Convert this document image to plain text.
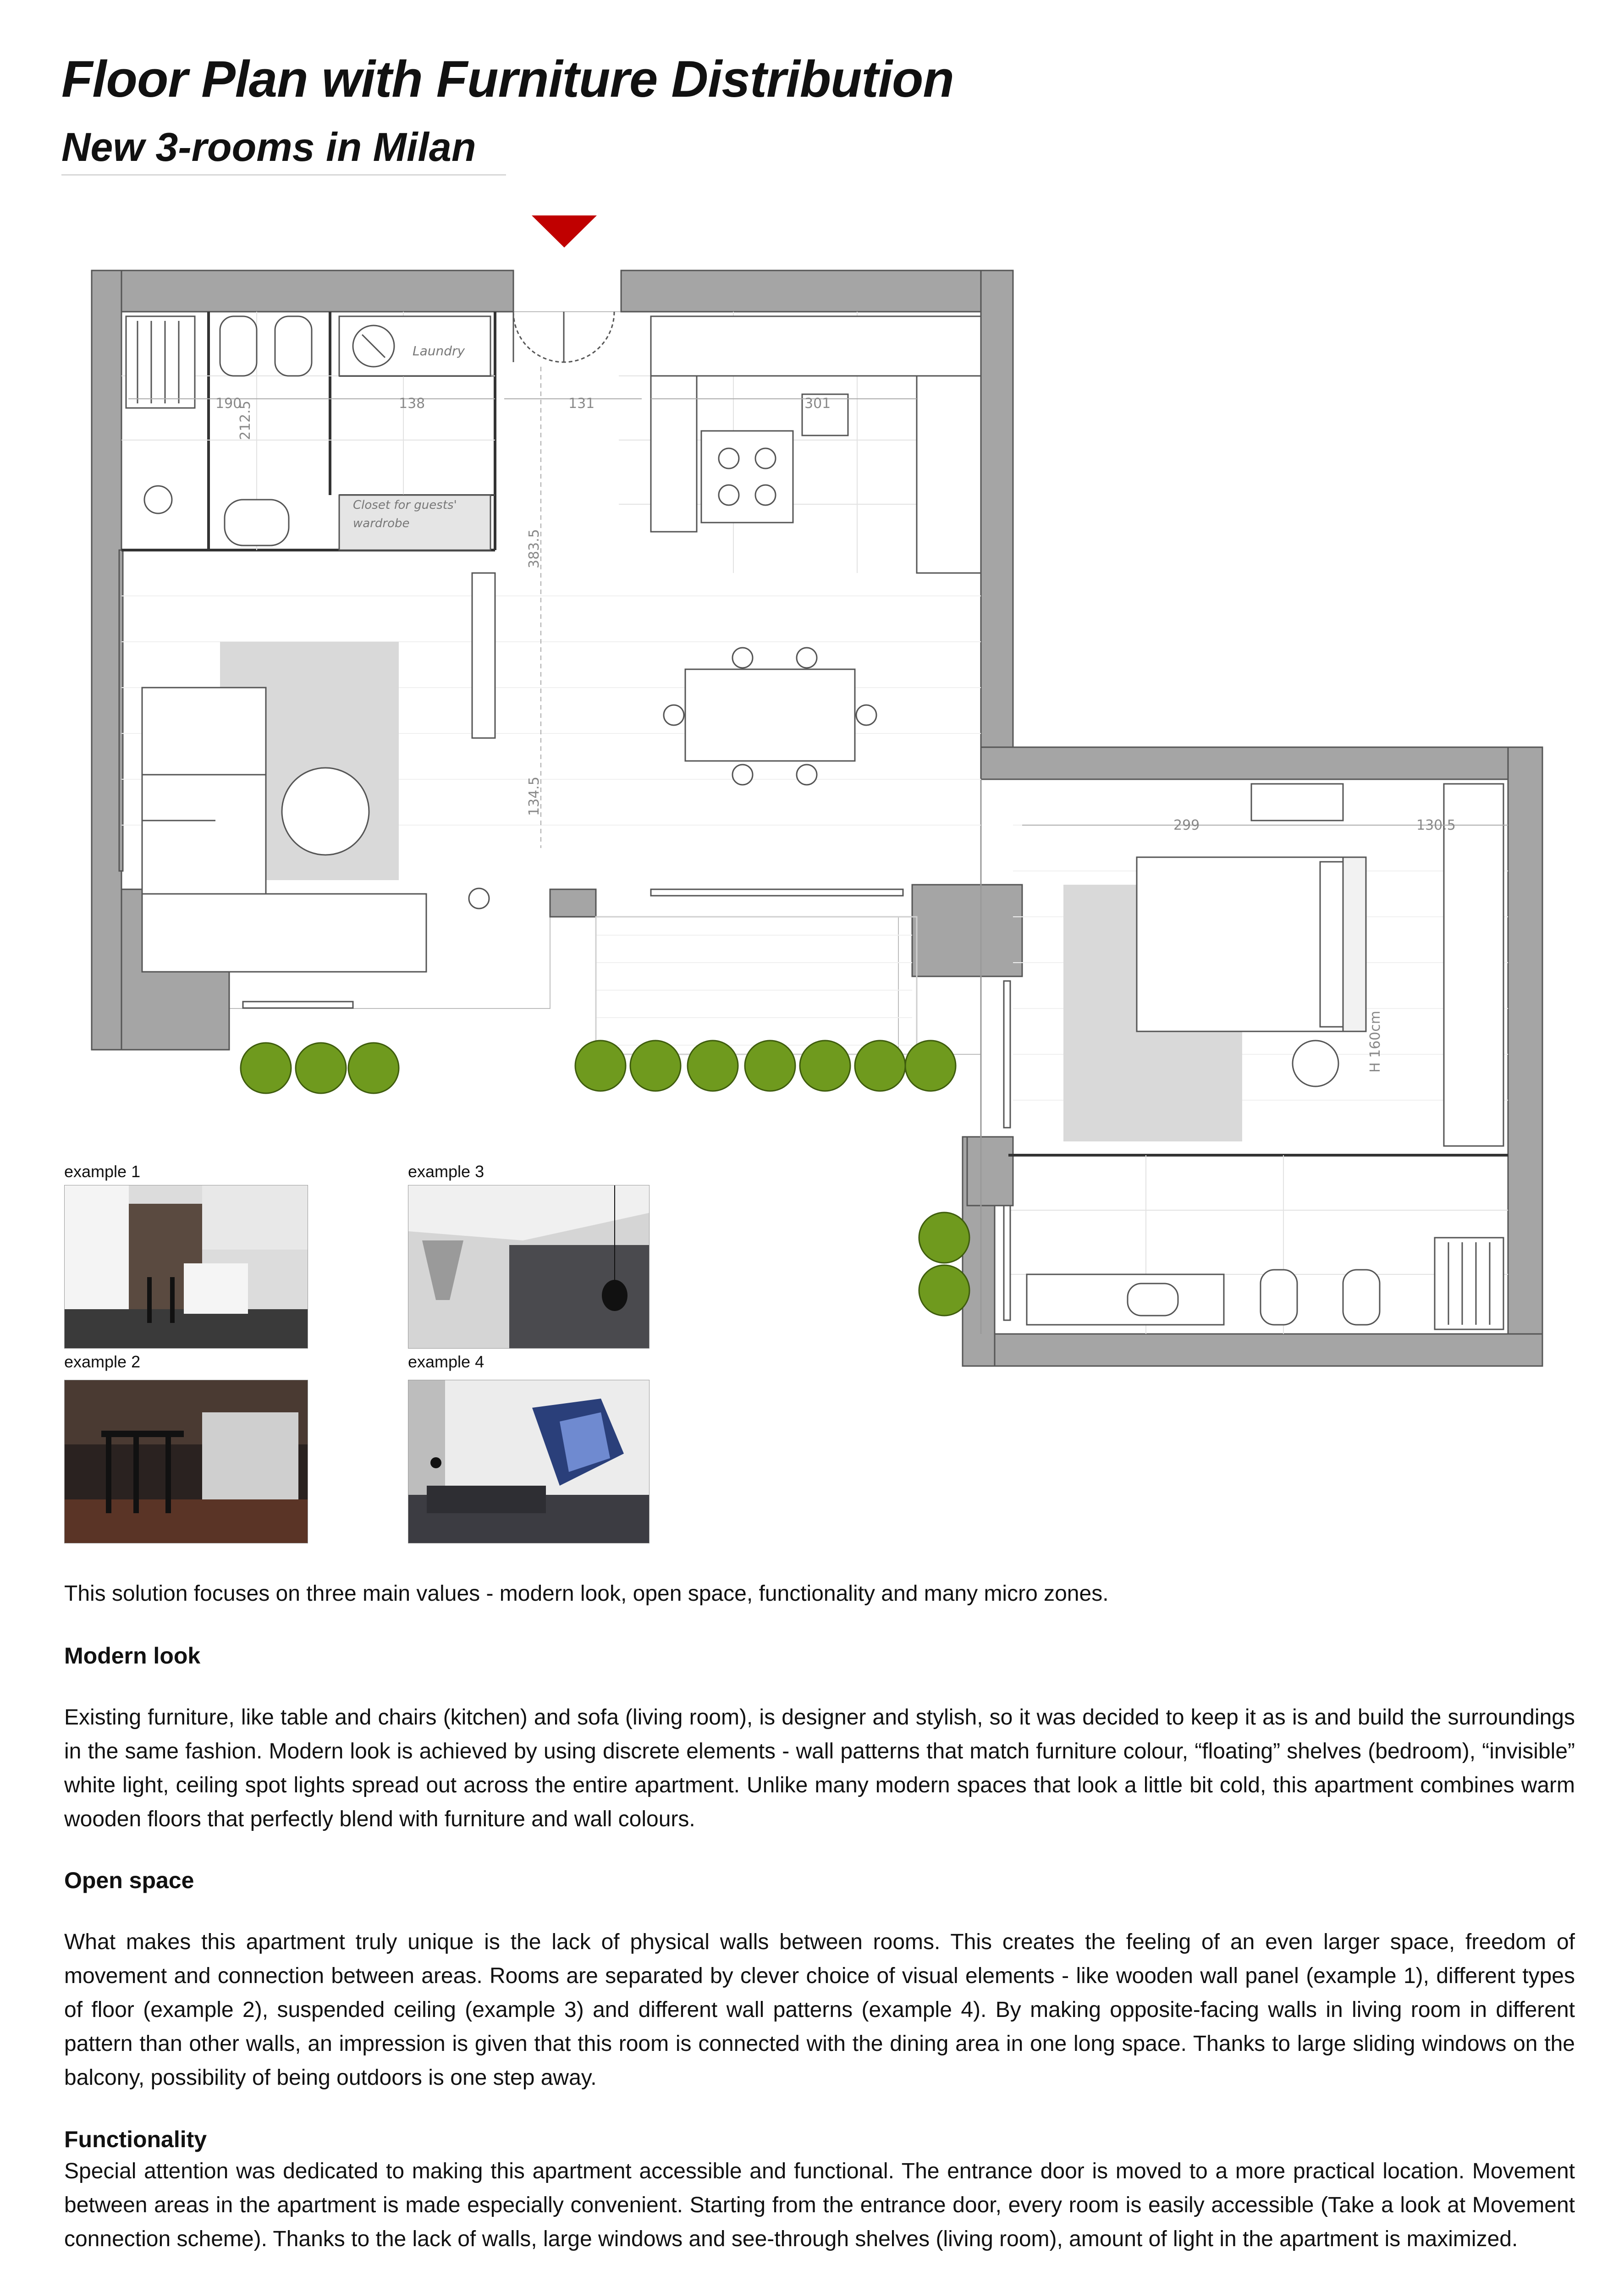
Floor Plan with Furniture Distribution
New 3-rooms in Milan
Laundry
Closet for guests'
wardrobe
190
212.5	138	131	301
383.5
134.5
299	130.5
H 160cm
example 1
example 2
example 3
example 4
This solution focuses on three main values - modern look, open space, functionality and many micro zones.

Modern look

Existing furniture, like table and chairs (kitchen) and sofa (living room), is designer and stylish, so it was decided to keep it as is and build the surroundings in the same fashion. Modern look is achieved by using discrete elements - wall patterns that match furniture colour, “floating” shelves (bedroom), “invisible” white light, ceiling spot lights spread out across the entire apartment. Unlike many modern spaces that look a little bit cold, this apartment combines warm wooden floors that perfectly blend with furniture and wall colours.

Open space

What makes this apartment truly unique is the lack of physical walls between rooms. This creates the feeling of an even larger space, freedom of movement and connection between areas. Rooms are separated by clever choice of visual elements - like wooden wall panel (example 1), different types of floor (example 2), suspended ceiling (example 3) and different wall patterns (example 4). By making opposite-facing walls in living room in different pattern than other walls, an impression is given that this room is connected with the dining area in one long space. Thanks to large sliding windows on the balcony, possibility of being outdoors is one step away.

Functionality

Special attention was dedicated to making this apartment accessible and functional. The entrance door is moved to a more practical location. Movement between areas in the apartment is made especially convenient. Starting from the entrance door, every room is easily accessible (Take a look at Movement connection scheme). Thanks to the lack of walls, large windows and see-through shelves (living room), amount of light in the apartment is maximized.
